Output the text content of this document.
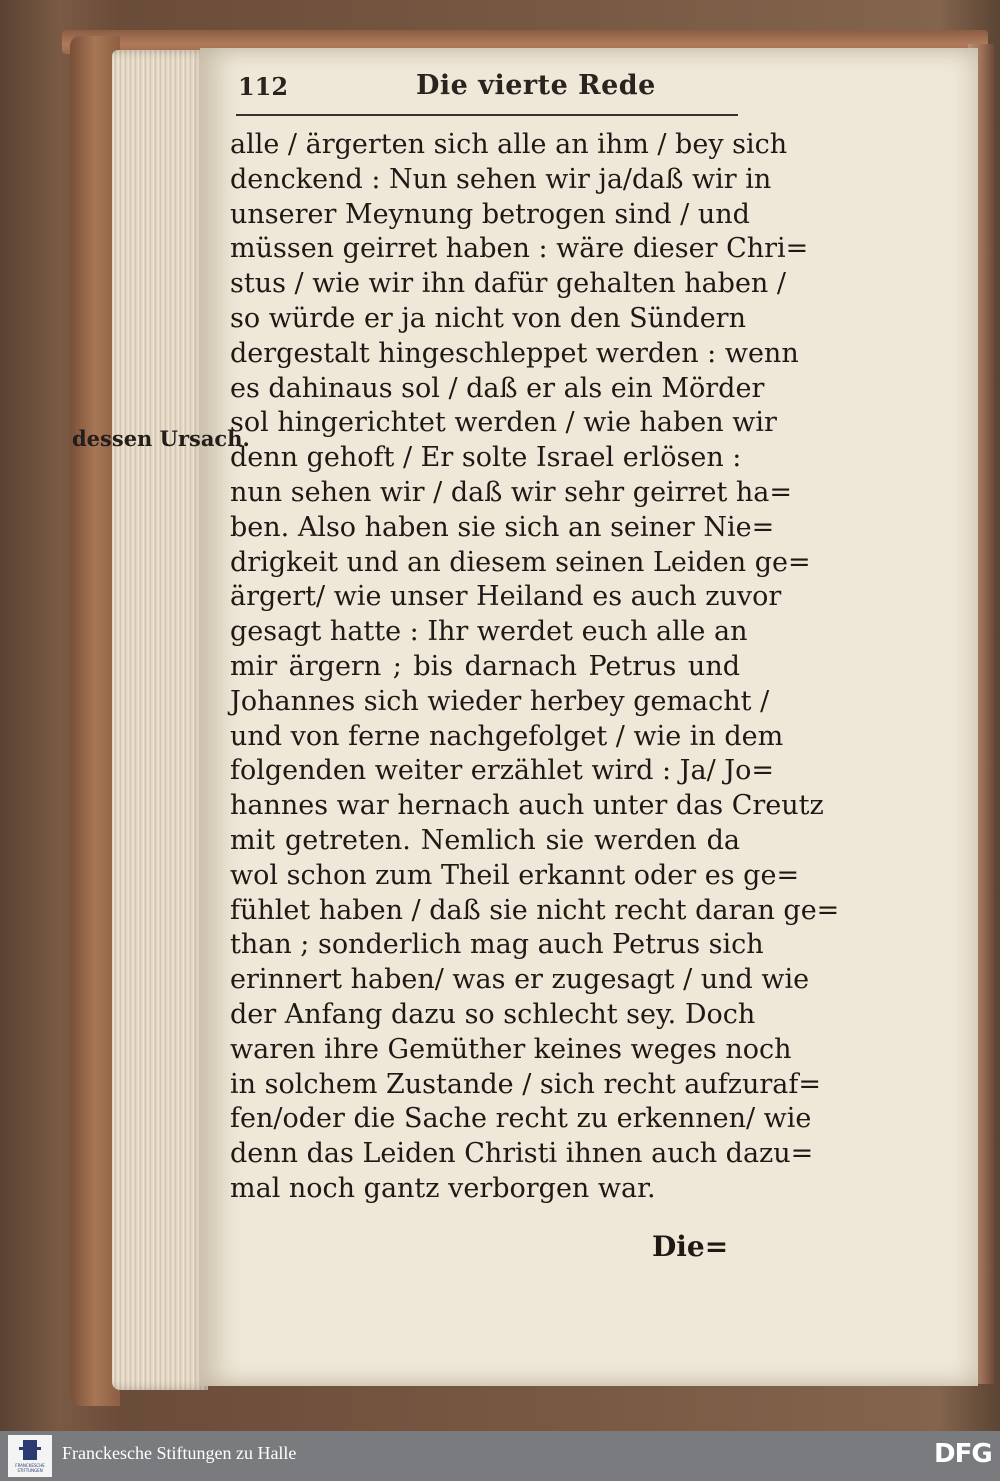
112	Die vierte Rede
dessen Ursach.
alle / ärgerten sich alle an ihm / bey sich
denckend : Nun sehen wir ja/daß wir in
unserer Meynung betrogen sind / und
müssen geirret haben : wäre dieser Chri=
stus / wie wir ihn dafür gehalten haben /
so würde er ja nicht von den Sündern
dergestalt hingeschleppet werden : wenn
es dahinaus sol / daß er als ein Mörder
sol hingerichtet werden / wie haben wir
denn gehoft / Er solte Israel erlösen :
nun sehen wir / daß wir sehr geirret ha=
ben. Also haben sie sich an seiner Nie=
drigkeit und an diesem seinen Leiden ge=
ärgert/ wie unser Heiland es auch zuvor
gesagt hatte : Ihr werdet euch alle an
mir ärgern ; bis darnach Petrus und
Johannes sich wieder herbey gemacht /
und von ferne nachgefolget / wie in dem
folgenden weiter erzählet wird : Ja/ Jo=
hannes war hernach auch unter das Creutz
mit getreten. Nemlich sie werden da
wol schon zum Theil erkannt oder es ge=
fühlet haben / daß sie nicht recht daran ge=
than ; sonderlich mag auch Petrus sich
erinnert haben/ was er zugesagt / und wie
der Anfang dazu so schlecht sey. Doch
waren ihre Gemüther keines weges noch
in solchem Zustande / sich recht aufzuraf=
fen/oder die Sache recht zu erkennen/ wie
denn das Leiden Christi ihnen auch dazu=
mal noch gantz verborgen war.
Die=
FRANCKESCHE STIFTUNGEN
Franckesche Stiftungen zu Halle	DFG
